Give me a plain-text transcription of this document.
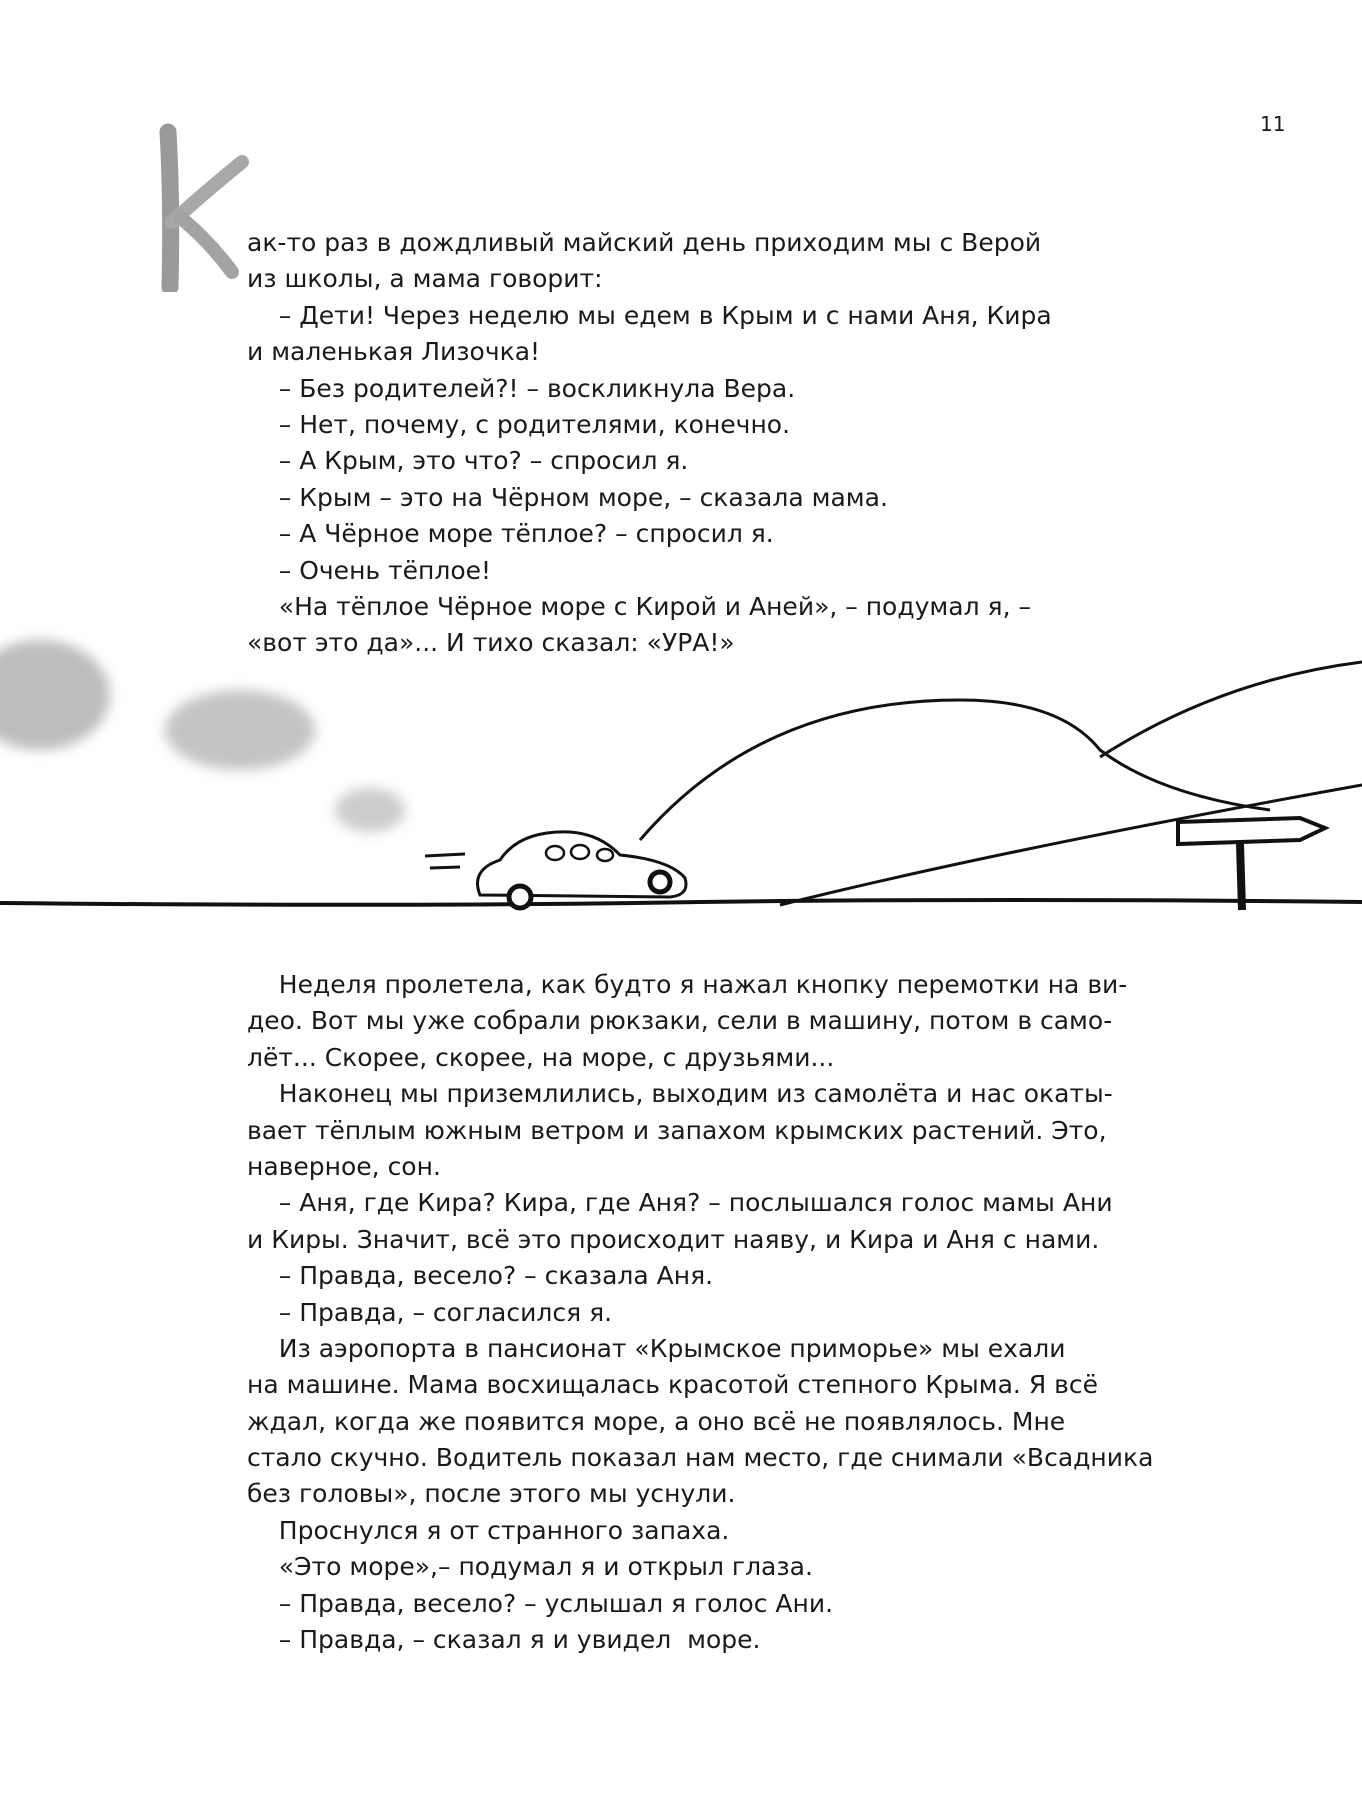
11
К
ак-то раз в дождливый майский день приходим мы с Верой
из школы, а мама говорит:
– Дети! Через неделю мы едем в Крым и с нами Аня, Кира
и маленькая Лизочка!
– Без родителей?! – воскликнула Вера.
– Нет, почему, с родителями, конечно.
– А Крым, это что? – спросил я.
– Крым – это на Чёрном море, – сказала мама.
– А Чёрное море тёплое? – спросил я.
– Очень тёплое!
«На тёплое Чёрное море с Кирой и Аней», – подумал я, –
«вот это да»... И тихо сказал: «УРА!»
Неделя пролетела, как будто я нажал кнопку перемотки на ви-
део. Вот мы уже собрали рюкзаки, сели в машину, потом в само-
лёт... Скорее, скорее, на море, с друзьями...
Наконец мы приземлились, выходим из самолёта и нас окаты-
вает тёплым южным ветром и запахом крымских растений. Это,
наверное, сон.
– Аня, где Кира? Кира, где Аня? – послышался голос мамы Ани
и Киры. Значит, всё это происходит наяву, и Кира и Аня с нами.
– Правда, весело? – сказала Аня.
– Правда, – согласился я.
Из аэропорта в пансионат «Крымское приморье» мы ехали
на машине. Мама восхищалась красотой степного Крыма. Я всё
ждал, когда же появится море, а оно всё не появлялось. Мне
стало скучно. Водитель показал нам место, где снимали «Всадника
без головы», после этого мы уснули.
Проснулся я от странного запаха.
«Это море»,– подумал я и открыл глаза.
– Правда, весело? – услышал я голос Ани.
– Правда, – сказал я и увидел  море.
